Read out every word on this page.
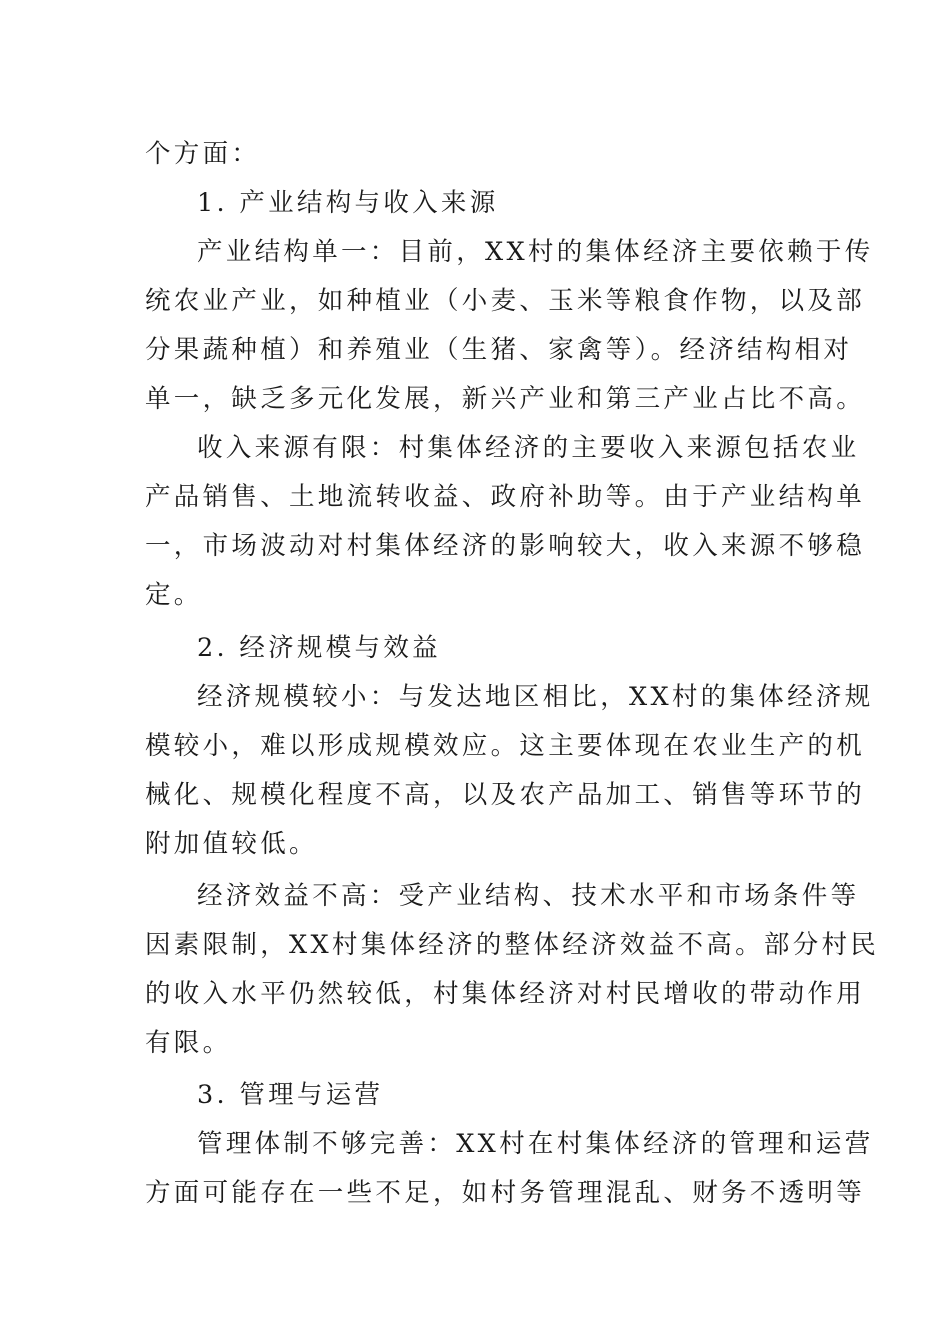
个方面：
1. 产业结构与收入来源
产业结构单一：目前，XX村的集体经济主要依赖于传
统农业产业，如种植业（小麦、玉米等粮食作物，以及部
分果蔬种植）和养殖业（生猪、家禽等）。经济结构相对
单一，缺乏多元化发展，新兴产业和第三产业占比不高。
收入来源有限：村集体经济的主要收入来源包括农业
产品销售、土地流转收益、政府补助等。由于产业结构单
一，市场波动对村集体经济的影响较大，收入来源不够稳
定。
2. 经济规模与效益
经济规模较小：与发达地区相比，XX村的集体经济规
模较小，难以形成规模效应。这主要体现在农业生产的机
械化、规模化程度不高，以及农产品加工、销售等环节的
附加值较低。
经济效益不高：受产业结构、技术水平和市场条件等
因素限制，XX村集体经济的整体经济效益不高。部分村民
的收入水平仍然较低，村集体经济对村民增收的带动作用
有限。
3. 管理与运营
管理体制不够完善：XX村在村集体经济的管理和运营
方面可能存在一些不足，如村务管理混乱、财务不透明等
